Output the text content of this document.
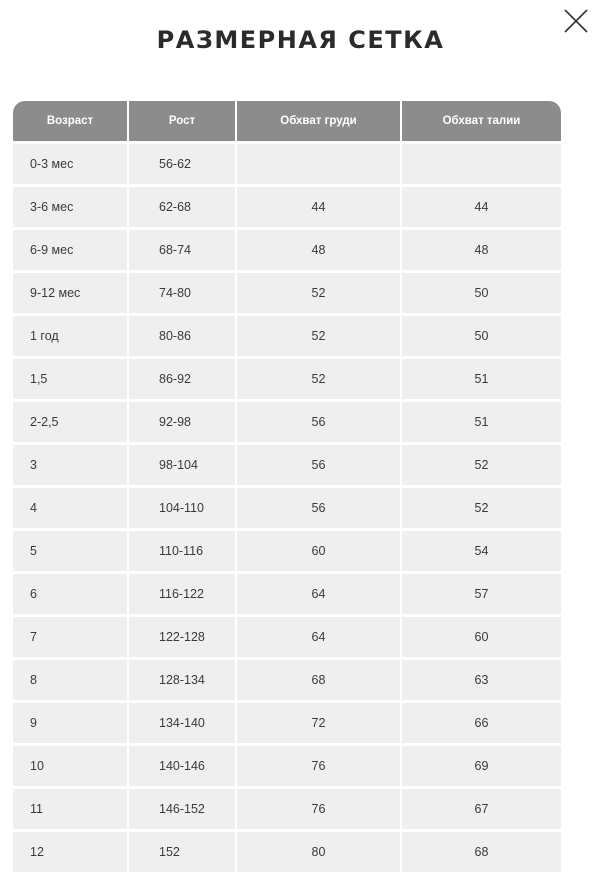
РАЗМЕРНАЯ СЕТКА
Возраст	Рост	Обхват груди	Обхват талии
0-3 мес	56-62		
3-6 мес	62-68	44	44
6-9 мес	68-74	48	48
9-12 мес	74-80	52	50
1 год	80-86	52	50
1,5	86-92	52	51
2-2,5	92-98	56	51
3	98-104	56	52
4	104-110	56	52
5	110-116	60	54
6	116-122	64	57
7	122-128	64	60
8	128-134	68	63
9	134-140	72	66
10	140-146	76	69
11	146-152	76	67
12	152	80	68
